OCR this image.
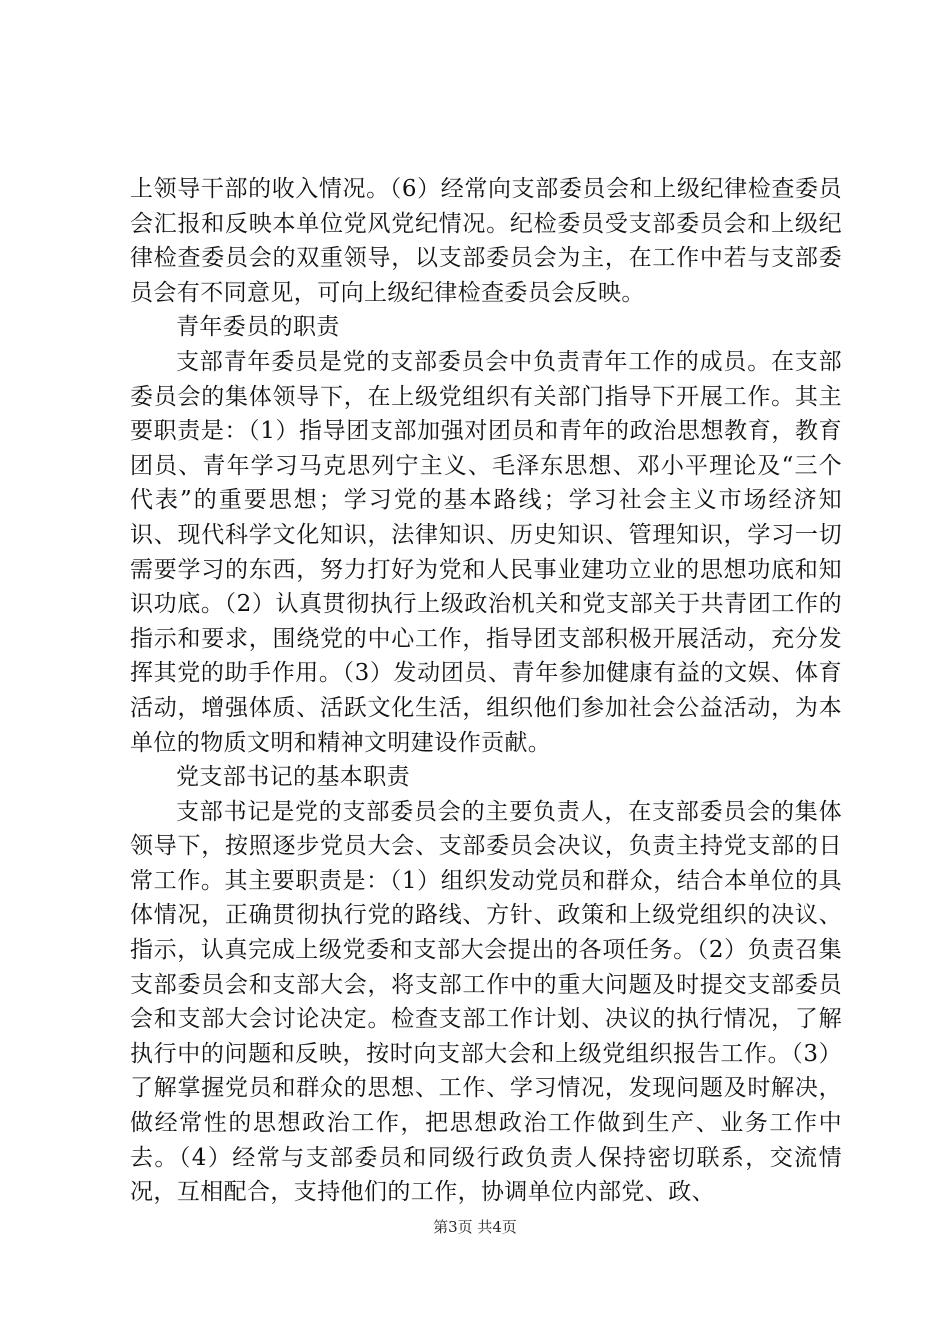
上领导干部的收入情况。（6）经常向支部委员会和上级纪律检查委员会汇报和反映本单位党风党纪情况。纪检委员受支部委员会和上级纪律检查委员会的双重领导，以支部委员会为主，在工作中若与支部委员会有不同意见，可向上级纪律检查委员会反映。

青年委员的职责

支部青年委员是党的支部委员会中负责青年工作的成员。在支部委员会的集体领导下，在上级党组织有关部门指导下开展工作。其主要职责是：（1）指导团支部加强对团员和青年的政治思想教育，教育团员、青年学习马克思列宁主义、毛泽东思想、邓小平理论及“三个代表”的重要思想；学习党的基本路线；学习社会主义市场经济知识、现代科学文化知识，法律知识、历史知识、管理知识，学习一切需要学习的东西，努力打好为党和人民事业建功立业的思想功底和知识功底。（2）认真贯彻执行上级政治机关和党支部关于共青团工作的指示和要求，围绕党的中心工作，指导团支部积极开展活动，充分发挥其党的助手作用。（3）发动团员、青年参加健康有益的文娱、体育活动，增强体质、活跃文化生活，组织他们参加社会公益活动，为本单位的物质文明和精神文明建设作贡献。

党支部书记的基本职责

支部书记是党的支部委员会的主要负责人，在支部委员会的集体领导下，按照逐步党员大会、支部委员会决议，负责主持党支部的日常工作。其主要职责是：（1）组织发动党员和群众，结合本单位的具体情况，正确贯彻执行党的路线、方针、政策和上级党组织的决议、指示，认真完成上级党委和支部大会提出的各项任务。（2）负责召集支部委员会和支部大会，将支部工作中的重大问题及时提交支部委员会和支部大会讨论决定。检查支部工作计划、决议的执行情况，了解执行中的问题和反映，按时向支部大会和上级党组织报告工作。（3）了解掌握党员和群众的思想、工作、学习情况，发现问题及时解决，做经常性的思想政治工作，把思想政治工作做到生产、业务工作中去。（4）经常与支部委员和同级行政负责人保持密切联系，交流情况，互相配合，支持他们的工作，协调单位内部党、政、

第3页 共4页
